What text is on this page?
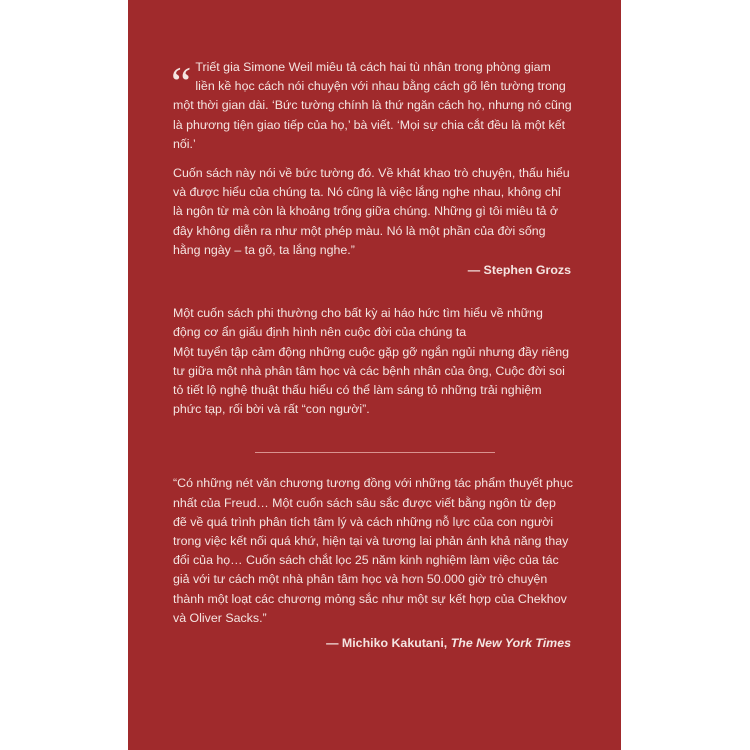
“ Triết gia Simone Weil miêu tả cách hai tù nhân trong phòng giam liền kề học cách nói chuyện với nhau bằng cách gõ lên tường trong một thời gian dài. ‘Bức tường chính là thứ ngăn cách họ, nhưng nó cũng là phương tiện giao tiếp của họ,’ bà viết. ‘Mọi sự chia cắt đều là một kết nối.’

Cuốn sách này nói về bức tường đó. Về khát khao trò chuyện, thấu hiểu và được hiểu của chúng ta. Nó cũng là việc lắng nghe nhau, không chỉ là ngôn từ mà còn là khoảng trống giữa chúng. Những gì tôi miêu tả ở đây không diễn ra như một phép màu. Nó là một phần của đời sống hằng ngày – ta gõ, ta lắng nghe.”

— Stephen Grozs

Một cuốn sách phi thường cho bất kỳ ai háo hức tìm hiểu về những động cơ ẩn giấu định hình nên cuộc đời của chúng ta

Một tuyển tập cảm động những cuộc gặp gỡ ngắn ngủi nhưng đầy riêng tư giữa một nhà phân tâm học và các bệnh nhân của ông, Cuộc đời soi tỏ tiết lộ nghệ thuật thấu hiểu có thể làm sáng tỏ những trải nghiệm phức tạp, rối bời và rất “con người”.

“Có những nét văn chương tương đồng với những tác phẩm thuyết phục nhất của Freud… Một cuốn sách sâu sắc được viết bằng ngôn từ đẹp đẽ về quá trình phân tích tâm lý và cách những nỗ lực của con người trong việc kết nối quá khứ, hiện tại và tương lai phản ánh khả năng thay đổi của họ… Cuốn sách chắt lọc 25 năm kinh nghiệm làm việc của tác giả với tư cách một nhà phân tâm học và hơn 50.000 giờ trò chuyện thành một loạt các chương mỏng sắc như một sự kết hợp của Chekhov và Oliver Sacks.”

— Michiko Kakutani, The New York Times
